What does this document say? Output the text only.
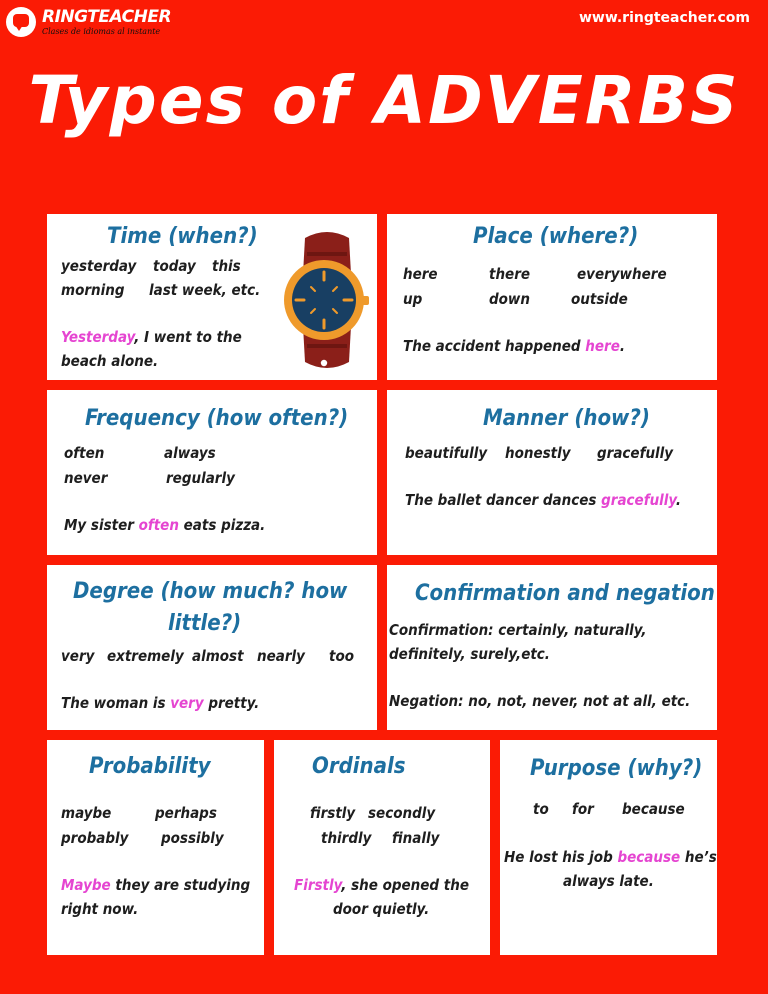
RINGTEACHER
Clases de idiomas al instante
www.ringteacher.com
Types of ADVERBS
Time (when?)
yesterday today this
morning last week, etc.
Yesterday, I went to the
beach alone.
Place (where?)
here	there	everywhere
up	down	outside
The accident happened here.
Frequency (how often?)
often	always
never	regularly
My sister often eats pizza.
Manner (how?)
beautifully honestly gracefully
The ballet dancer dances gracefully.
Degree (how much? how
little?)
very extremely almost nearly too
The woman is very pretty.
Confirmation and negation
Confirmation: certainly, naturally,
definitely, surely,etc.
Negation: no, not, never, not at all, etc.
Probability
maybe	perhaps
probably possibly
Maybe they are studying
right now.
Ordinals
firstly secondly
thirdly finally
Firstly, she opened the
door quietly.
Purpose (why?)
to for because
He lost his job because he’s
always late.
